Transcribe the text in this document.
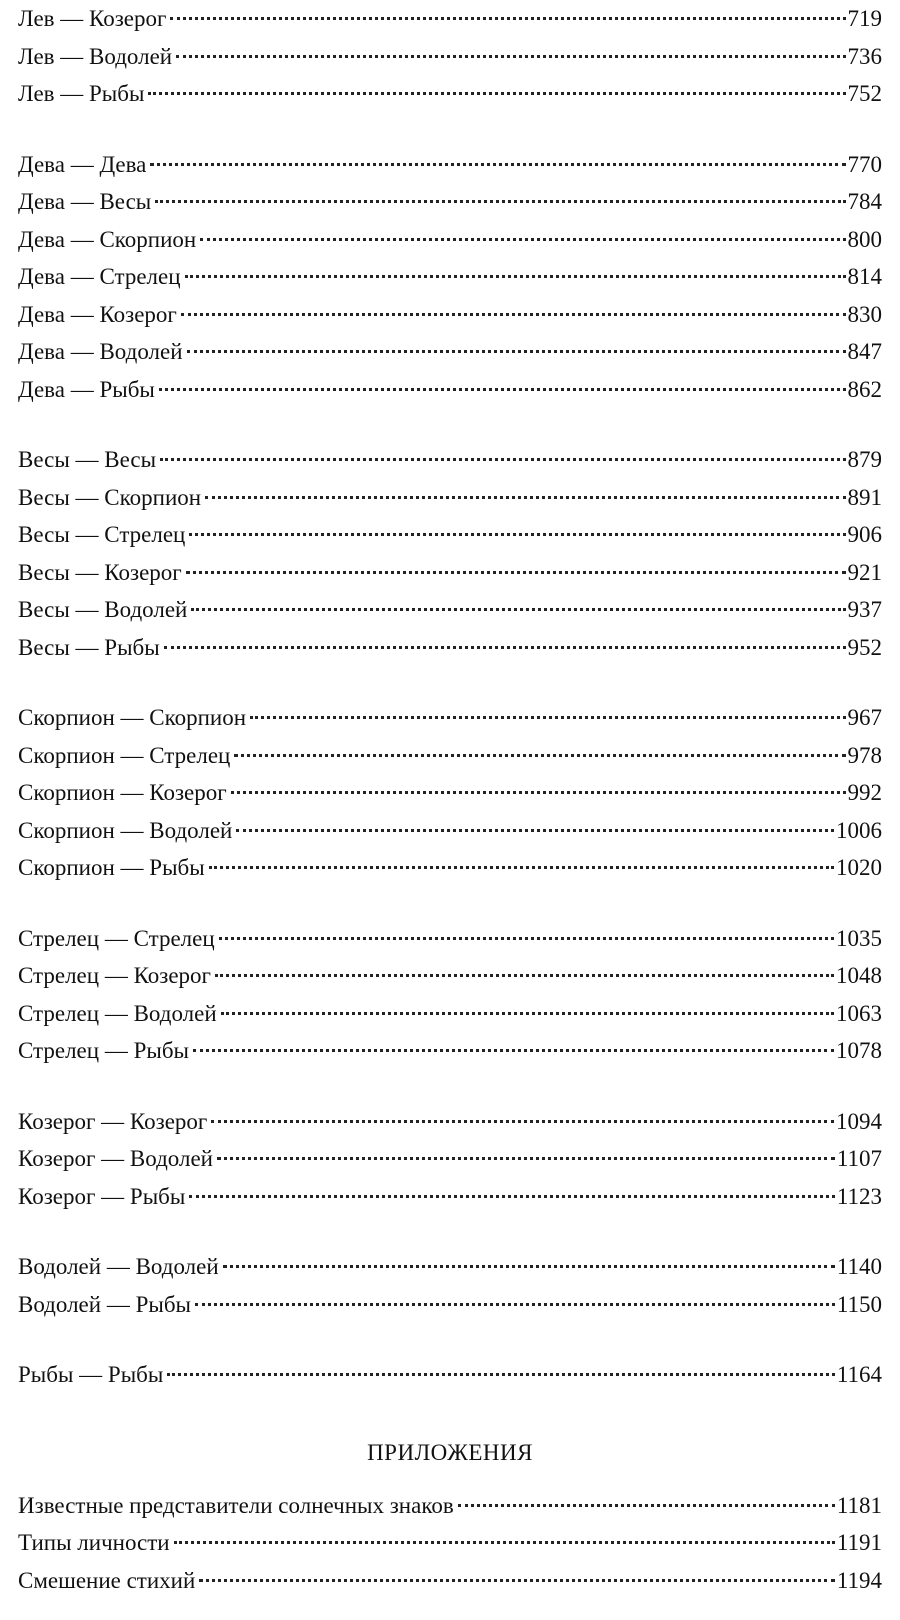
Лев — Козерог	719
Лев — Водолей	736
Лев — Рыбы	752
Дева — Дева	770
Дева — Весы	784
Дева — Скорпион	800
Дева — Стрелец	814
Дева — Козерог	830
Дева — Водолей	847
Дева — Рыбы	862
Весы — Весы	879
Весы — Скорпион	891
Весы — Стрелец	906
Весы — Козерог	921
Весы — Водолей	937
Весы — Рыбы	952
Скорпион — Скорпион	967
Скорпион — Стрелец	978
Скорпион — Козерог	992
Скорпион — Водолей	1006
Скорпион — Рыбы	1020
Стрелец — Стрелец	1035
Стрелец — Козерог	1048
Стрелец — Водолей	1063
Стрелец — Рыбы	1078
Козерог — Козерог	1094
Козерог — Водолей	1107
Козерог — Рыбы	1123
Водолей — Водолей	1140
Водолей — Рыбы	1150
Рыбы — Рыбы	1164
ПРИЛОЖЕНИЯ
Известные представители солнечных знаков	1181
Типы личности	1191
Смешение стихий	1194
